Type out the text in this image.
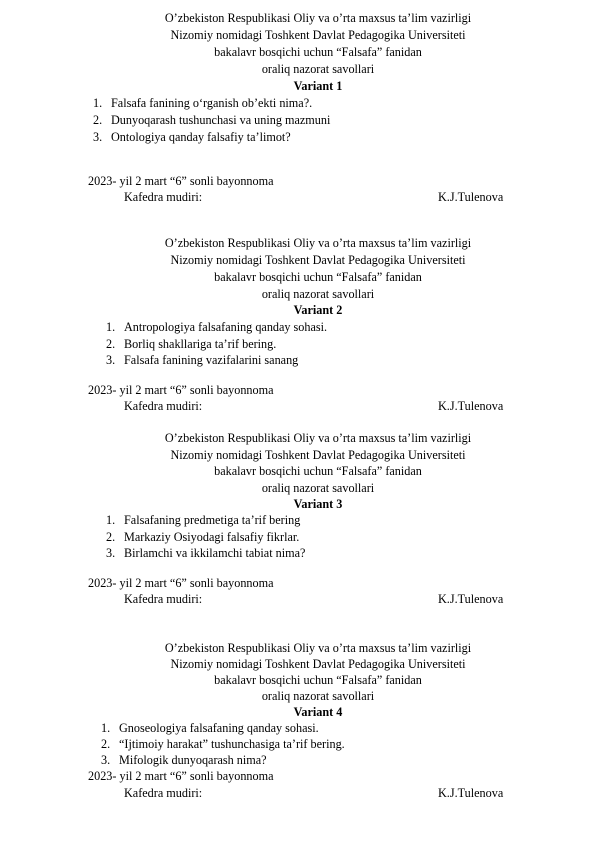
O’zbekiston Respublikasi Oliy va o’rta maxsus ta’lim vazirligi
Nizomiy nomidagi Toshkent Davlat Pedagogika Universiteti
bakalavr bosqichi uchun “Falsafa” fanidan
oraliq nazorat savollari
Variant 1
1. Falsafa fanining o‘rganish ob’ekti nima?.
2. Dunyoqarash tushunchasi va uning mazmuni
3. Ontologiya qanday falsafiy ta’limot?
2023- yil 2 mart “6” sonli bayonnoma
Kafedra mudiri:	K.J.Tulenova
O’zbekiston Respublikasi Oliy va o’rta maxsus ta’lim vazirligi
Nizomiy nomidagi Toshkent Davlat Pedagogika Universiteti
bakalavr bosqichi uchun “Falsafa” fanidan
oraliq nazorat savollari
Variant 2
1. Antropologiya falsafaning qanday sohasi.
2. Borliq shakllariga ta’rif bering.
3. Falsafa fanining vazifalarini sanang
2023- yil 2 mart “6” sonli bayonnoma
Kafedra mudiri:	K.J.Tulenova
O’zbekiston Respublikasi Oliy va o’rta maxsus ta’lim vazirligi
Nizomiy nomidagi Toshkent Davlat Pedagogika Universiteti
bakalavr bosqichi uchun “Falsafa” fanidan
oraliq nazorat savollari
Variant 3
1. Falsafaning predmetiga ta’rif bering
2. Markaziy Osiyodagi falsafiy fikrlar.
3. Birlamchi va ikkilamchi tabiat nima?
2023- yil 2 mart “6” sonli bayonnoma
Kafedra mudiri:	K.J.Tulenova
O’zbekiston Respublikasi Oliy va o’rta maxsus ta’lim vazirligi
Nizomiy nomidagi Toshkent Davlat Pedagogika Universiteti
bakalavr bosqichi uchun “Falsafa” fanidan
oraliq nazorat savollari
Variant 4
1. Gnoseologiya falsafaning qanday sohasi.
2. “Ijtimoiy harakat” tushunchasiga ta’rif bering.
3. Mifologik dunyoqarash nima?
2023- yil 2 mart “6” sonli bayonnoma
Kafedra mudiri:	K.J.Tulenova
